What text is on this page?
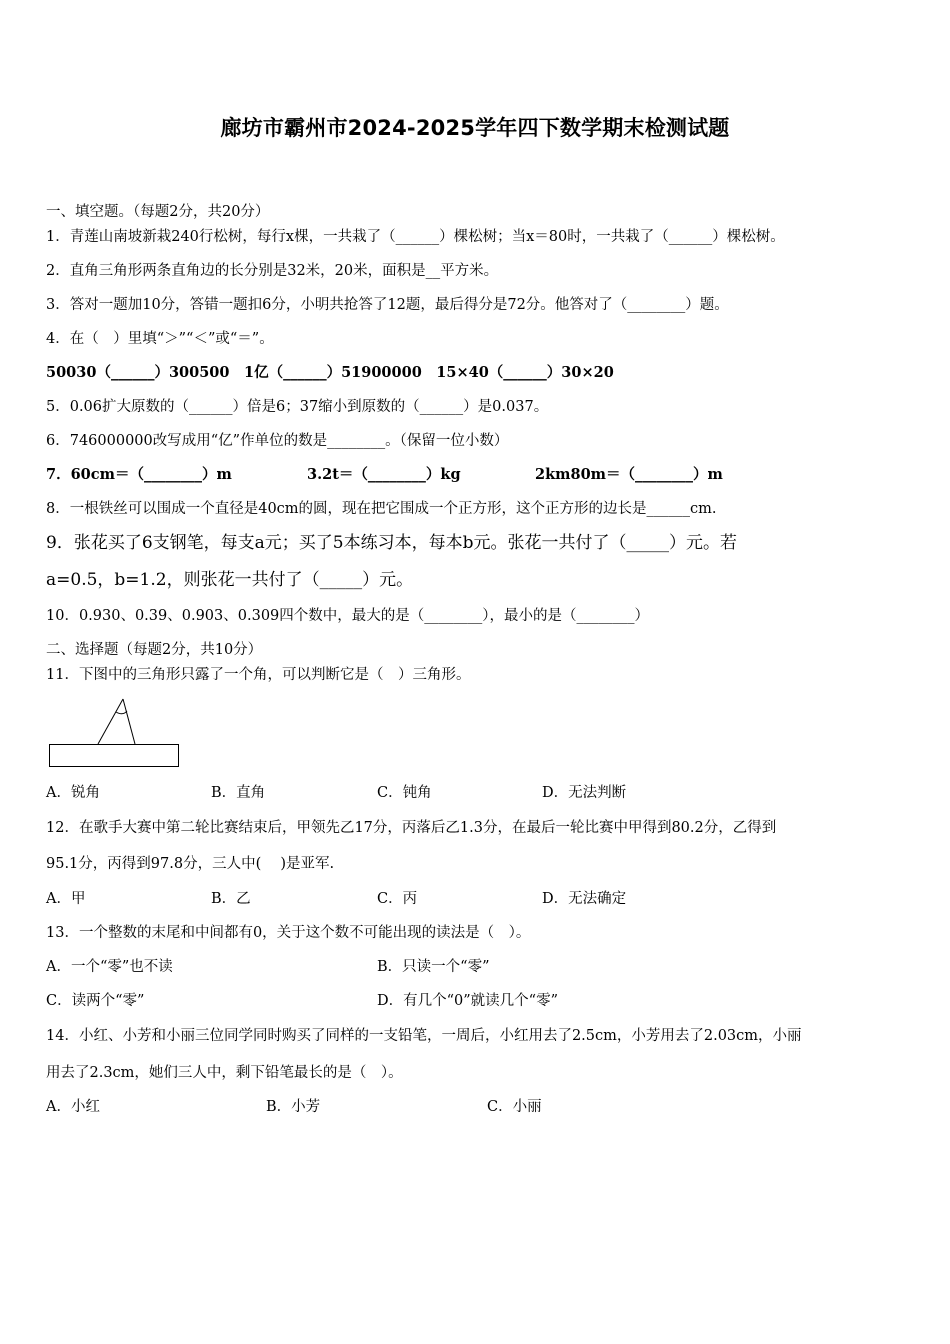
廊坊市霸州市2024-2025学年四下数学期末检测试题
一、填空题。（每题2分，共20分）
1．青莲山南坡新栽240行松树，每行x棵，一共栽了（______）棵松树；当x＝80时，一共栽了（______）棵松树。
2．直角三角形两条直角边的长分别是32米，20米，面积是__平方米。
3．答对一题加10分，答错一题扣6分，小明共抢答了12题，最后得分是72分。他答对了（________）题。
4．在（　）里填“＞”“＜”或“＝”。
50030（______）300500　1亿（______）51900000　15×40（______）30×20
5．0.06扩大原数的（______）倍是6；37缩小到原数的（______）是0.037。
6．746000000改写成用“亿”作单位的数是________。（保留一位小数）
7．60cm＝（________）m	3.2t＝（________）kg	2km80m＝（________）m
8．一根铁丝可以围成一个直径是40cm的圆，现在把它围成一个正方形，这个正方形的边长是______cm.
9．张花买了6支钢笔，每支a元；买了5本练习本，每本b元。张花一共付了（_____）元。若
a=0.5，b=1.2，则张花一共付了（_____）元。
10．0.930、0.39、0.903、0.309四个数中，最大的是（________），最小的是（________）
二、选择题（每题2分，共10分）
11．下图中的三角形只露了一个角，可以判断它是（　）三角形。
A．锐角	B．直角	C．钝角	D．无法判断
12．在歌手大赛中第二轮比赛结束后，甲领先乙17分，丙落后乙1.3分，在最后一轮比赛中甲得到80.2分，乙得到
95.1分，丙得到97.8分，三人中(　 )是亚军.
A．甲	B．乙	C．丙	D．无法确定
13．一个整数的末尾和中间都有0，关于这个数不可能出现的读法是（　）。
A．一个“零”也不读	B．只读一个“零”
C．读两个“零”	D．有几个“0”就读几个“零”
14．小红、小芳和小丽三位同学同时购买了同样的一支铅笔，一周后，小红用去了2.5cm，小芳用去了2.03cm，小丽
用去了2.3cm，她们三人中，剩下铅笔最长的是（　）。
A．小红	B．小芳	C．小丽
